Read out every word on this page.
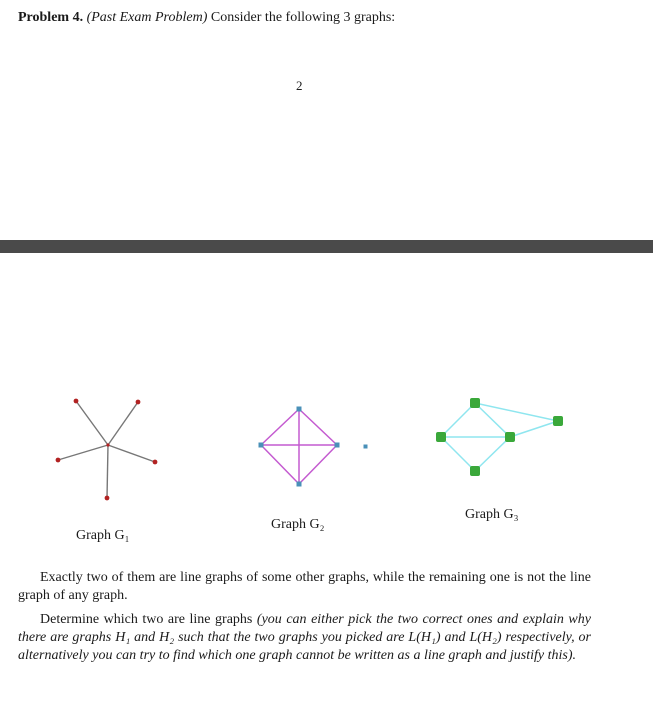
Problem 4. (Past Exam Problem) Consider the following 3 graphs:
2
Graph G₁
Graph G₂
Graph G₃
Exactly two of them are line graphs of some other graphs, while the remaining one is not the line graph of any graph.
Determine which two are line graphs (you can either pick the two correct ones and explain why there are graphs H₁ and H₂ such that the two graphs you picked are L(H₁) and L(H₂) respectively, or alternatively you can try to find which one graph cannot be written as a line graph and justify this).
